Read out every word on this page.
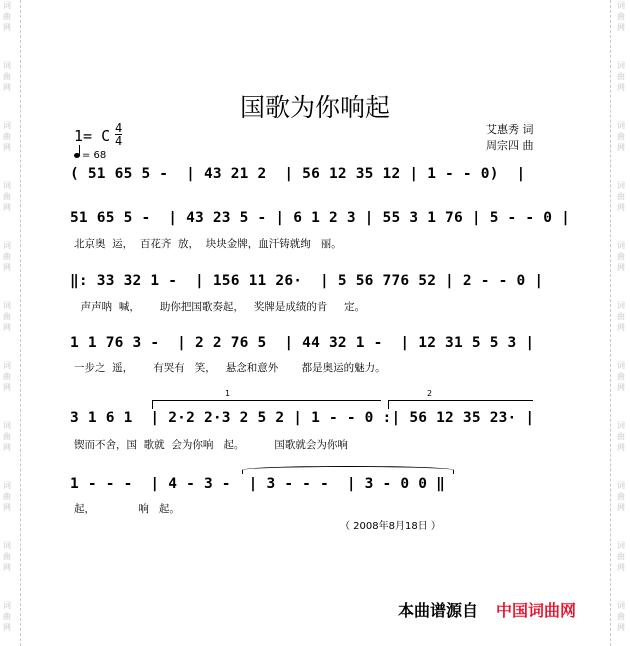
词
曲
网
词
曲
网
词
曲
网
词
曲
网
词
曲
网
词
曲
网
词
曲
网
词
曲
网
词
曲
网
词
曲
网
词
曲
网
词
曲
网
词
曲
网
词
曲
网
词
曲
网
词
曲
网
词
曲
网
词
曲
网
词
曲
网
词
曲
网
词
曲
网
词
曲
网
国歌为你响起
艾惠秀 词
周宗四 曲
1= C 4
4
= 68
( 51 65 5 -  | 43 21 2  | 56 12 35 12 | 1 - - 0)  |
51 65 5 -  | 43 23 5 - | 6 1 2 3 | 55 3 1 76 | 5 - - 0 |
北京奥  运，  百花齐  放，  块块金牌，血汗铸就绚   丽。
‖: 33 32 1 -  | 156 11 26·  | 5 56 776 52 | 2 - - 0 |
声声呐  喊，      助你把国歌奏起，   奖牌是成绩的肯     定。
1 1 76 3 -  | 2 2 76 5  | 44 32 1 -  | 12 31 5 5 3 |
一步之  遥，      有哭有   笑，   悬念和意外       都是奥运的魅力。
1	2
3 1 6 1  | 2·2 2·3 2 5 2 | 1 - - 0 :| 56 12 35 23· |
锲而不舍，国  歌就  会为你响   起。         国歌就会为你响
1 - - -  | 4 - 3 -  | 3 - - -  | 3 - 0 0 ‖
起，             响   起。
（ 2008年8月18日 ）
本曲谱源自 中国词曲网
